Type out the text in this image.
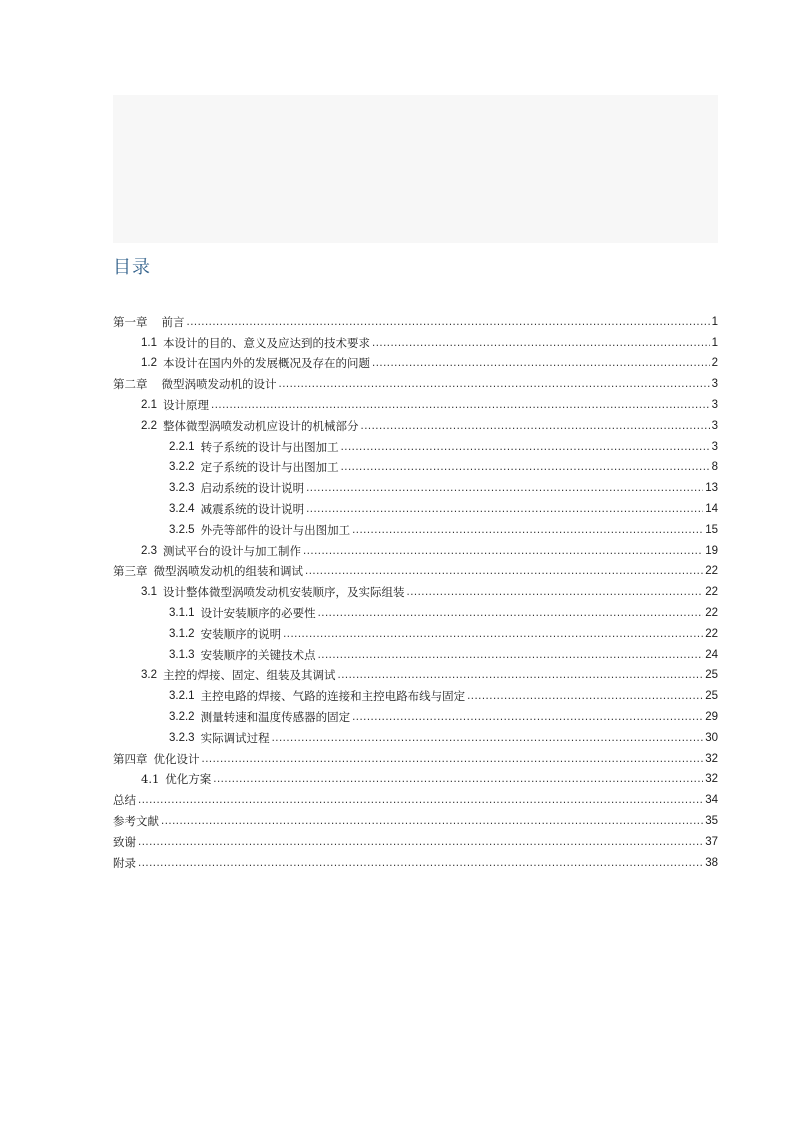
目录
第一章 前言 .....	1
1.1 本设计的目的、意义及应达到的技术要求 .....	1
1.2 本设计在国内外的发展概况及存在的问题 .....	2
第二章 微型涡喷发动机的设计 .....	3
2.1 设计原理 .....	3
2.2 整体微型涡喷发动机应设计的机械部分 .....	3
2.2.1 转子系统的设计与出图加工 .....	3
3.2.2 定子系统的设计与出图加工 .....	8
3.2.3 启动系统的设计说明 .....	13
3.2.4 减震系统的设计说明 .....	14
3.2.5 外壳等部件的设计与出图加工 .....	15
2.3 测试平台的设计与加工制作 .....	19
第三章 微型涡喷发动机的组装和调试 .....	22
3.1 设计整体微型涡喷发动机安装顺序，及实际组装 .....	22
3.1.1 设计安装顺序的必要性 .....	22
3.1.2 安装顺序的说明 .....	22
3.1.3 安装顺序的关键技术点 .....	24
3.2 主控的焊接、固定、组装及其调试 .....	25
3.2.1 主控电路的焊接、气路的连接和主控电路布线与固定 .....	25
3.2.2 测量转速和温度传感器的固定 .....	29
3.2.3 实际调试过程 .....	30
第四章 优化设计 .....	32
4.1 优化方案 .....	32
总结 .....	34
参考文献 .....	35
致谢 .....	37
附录 .....	38
